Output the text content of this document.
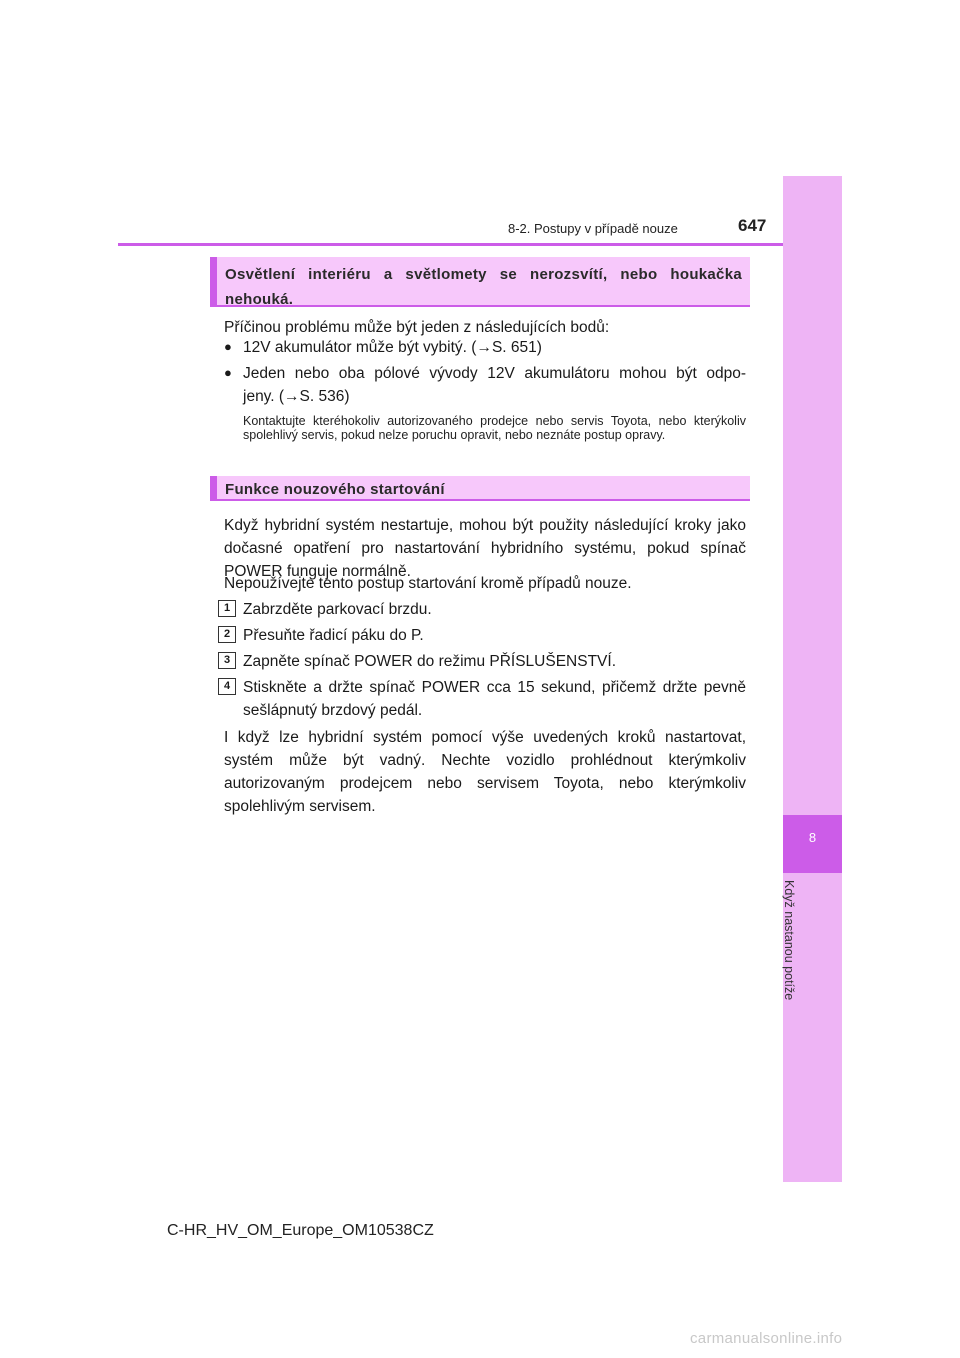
8
Když nastanou potíže
8-2. Postupy v případě nouze	647
Osvětlení interiéru a světlomety se nerozsvítí, nebo houkačka nehouká.
Příčinou problému může být jeden z následujících bodů:
● 12V akumulátor může být vybitý. (→S. 651)
● Jeden nebo oba pólové vývody 12V akumulátoru mohou být odpo-
jeny. (→S. 536)
Kontaktujte kteréhokoliv autorizovaného prodejce nebo servis Toyota, nebo kterýkoliv spolehlivý servis, pokud nelze poruchu opravit, nebo neznáte postup opravy.
Funkce nouzového startování
Když hybridní systém nestartuje, mohou být použity následující kroky jako dočasné opatření pro nastartování hybridního systému, pokud spínač POWER funguje normálně.
Nepoužívejte tento postup startování kromě případů nouze.
1 Zabrzděte parkovací brzdu.
2 Přesuňte řadicí páku do P.
3 Zapněte spínač POWER do režimu PŘÍSLUŠENSTVÍ.
4 Stiskněte a držte spínač POWER cca 15 sekund, přičemž držte pevně sešlápnutý brzdový pedál.
I když lze hybridní systém pomocí výše uvedených kroků nastartovat, systém může být vadný. Nechte vozidlo prohlédnout kterýmkoliv autorizovaným prodejcem nebo servisem Toyota, nebo kterýmkoliv spolehlivým servisem.
C-HR_HV_OM_Europe_OM10538CZ
carmanualsonline.info
